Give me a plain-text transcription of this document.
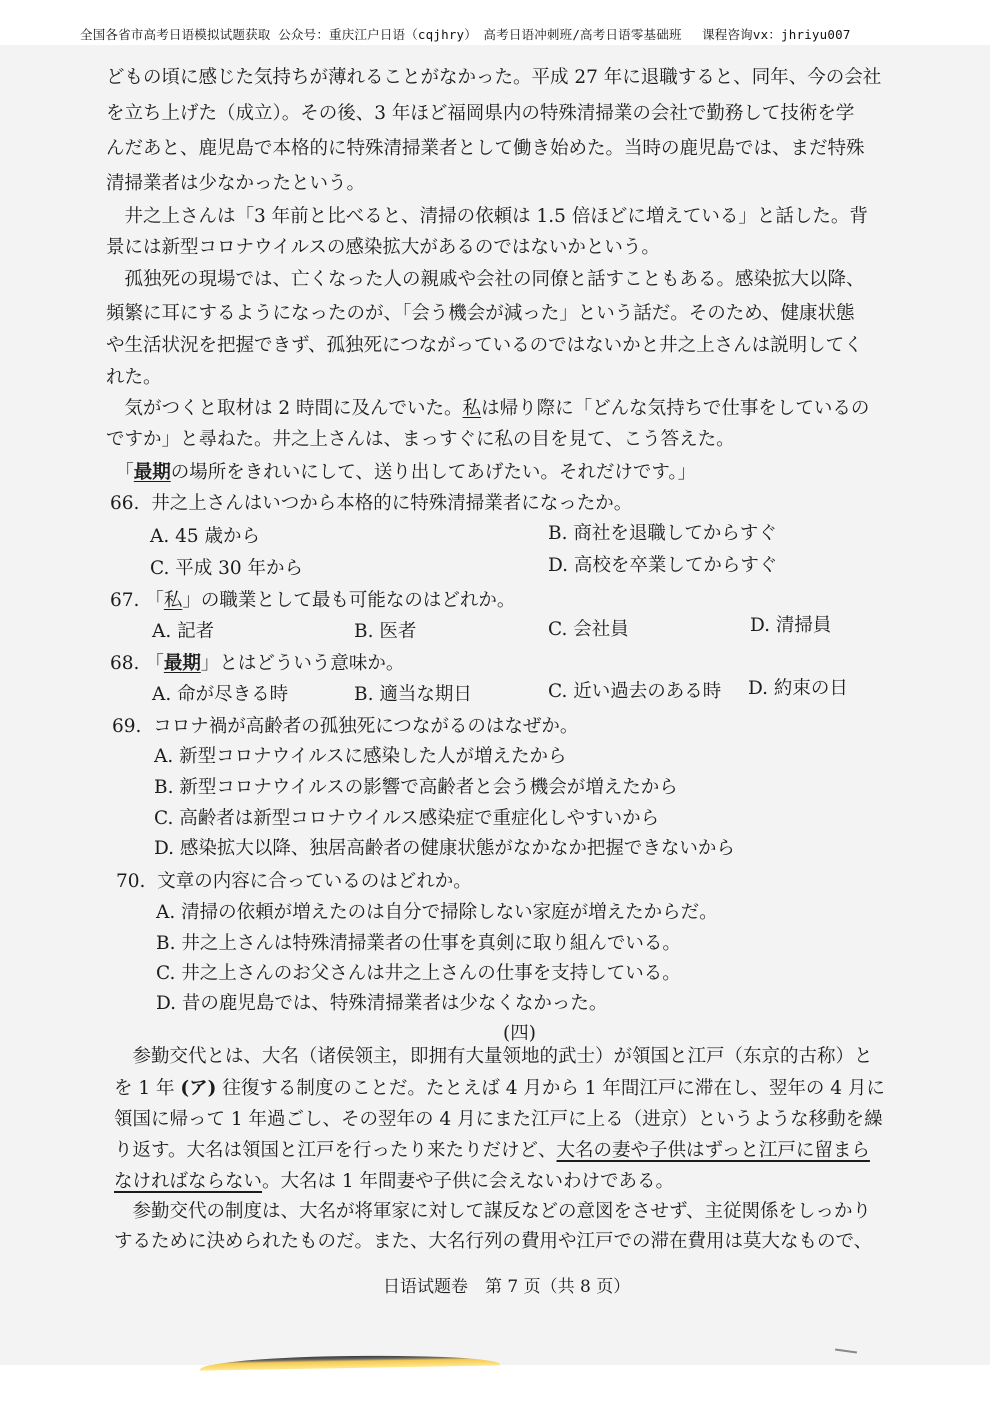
全国各省市高考日语模拟试题获取 公众号：重庆江户日语（cqjhry）　高考日语冲刺班/高考日语零基础班　 课程咨询vx：jhriyu007
どもの頃に感じた気持ちが薄れることがなかった。平成 27 年に退職すると、同年、今の会社
を立ち上げた（成立）。その後、3 年ほど福岡県内の特殊清掃業の会社で勤務して技術を学
んだあと、鹿児島で本格的に特殊清掃業者として働き始めた。当時の鹿児島では、まだ特殊
清掃業者は少なかったという。
　井之上さんは「3 年前と比べると、清掃の依頼は 1.5 倍ほどに増えている」と話した。背
景には新型コロナウイルスの感染拡大があるのではないかという。
　孤独死の現場では、亡くなった人の親戚や会社の同僚と話すこともある。感染拡大以降、
頻繁に耳にするようになったのが、「会う機会が減った」という話だ。そのため、健康状態
や生活状況を把握できず、孤独死につながっているのではないかと井之上さんは説明してく
れた。
　気がつくと取材は 2 時間に及んでいた。私は帰り際に「どんな気持ちで仕事をしているの
ですか」と尋ねた。井之上さんは、まっすぐに私の目を見て、こう答えた。
　「最期の場所をきれいにして、送り出してあげたい。それだけです。」
66. 井之上さんはいつから本格的に特殊清掃業者になったか。
A. 45 歳から	B. 商社を退職してからすぐ
C. 平成 30 年から	D. 高校を卒業してからすぐ
67. 「私」の職業として最も可能なのはどれか。
A. 記者	B. 医者	C. 会社員	D. 清掃員
68. 「最期」とはどういう意味か。
A. 命が尽きる時	B. 適当な期日	C. 近い過去のある時 D. 約束の日
69. コロナ禍が高齢者の孤独死につながるのはなぜか。
A. 新型コロナウイルスに感染した人が増えたから
B. 新型コロナウイルスの影響で高齢者と会う機会が増えたから
C. 高齢者は新型コロナウイルス感染症で重症化しやすいから
D. 感染拡大以降、独居高齢者の健康状態がなかなか把握できないから
70. 文章の内容に合っているのはどれか。
A. 清掃の依頼が増えたのは自分で掃除しない家庭が増えたからだ。
B. 井之上さんは特殊清掃業者の仕事を真剣に取り組んでいる。
C. 井之上さんのお父さんは井之上さんの仕事を支持している。
D. 昔の鹿児島では、特殊清掃業者は少なくなかった。
(四)
　参勤交代とは、大名（诸侯领主，即拥有大量领地的武士）が領国と江戸（东京的古称）と
を 1 年 (ア) 往復する制度のことだ。たとえば 4 月から 1 年間江戸に滞在し、翌年の 4 月に
領国に帰って 1 年過ごし、その翌年の 4 月にまた江戸に上る（进京）というような移動を繰
り返す。大名は領国と江戸を行ったり来たりだけど、大名の妻や子供はずっと江戸に留まら
なければならない。大名は 1 年間妻や子供に会えないわけである。
　参勤交代の制度は、大名が将軍家に対して謀反などの意図をさせず、主従関係をしっかり
するために決められたものだ。また、大名行列の費用や江戸での滞在費用は莫大なもので、
日语试题卷　第 7 页（共 8 页）
